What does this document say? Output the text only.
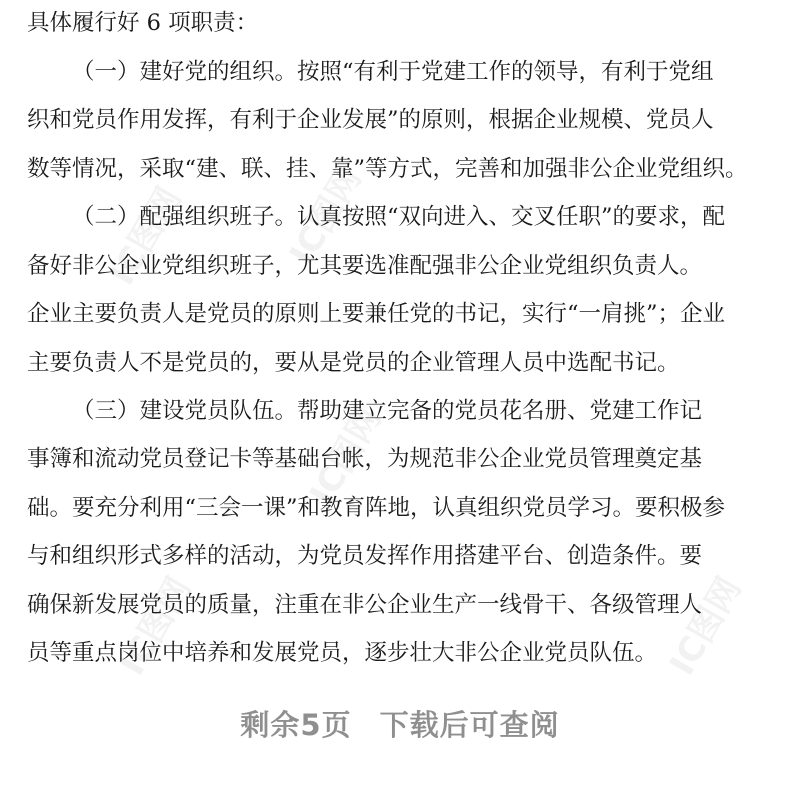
IC图网	IC图网
IC图网
IC图网	IC图网
具体履行好 6 项职责：
（一）建好党的组织。按照“有利于党建工作的领导，有利于党组
织和党员作用发挥，有利于企业发展”的原则，根据企业规模、党员人
数等情况，采取“建、联、挂、靠”等方式，完善和加强非公企业党组织。
（二）配强组织班子。认真按照“双向进入、交叉任职”的要求，配
备好非公企业党组织班子，尤其要选准配强非公企业党组织负责人。
企业主要负责人是党员的原则上要兼任党的书记，实行“一肩挑”；企业
主要负责人不是党员的，要从是党员的企业管理人员中选配书记。
（三）建设党员队伍。帮助建立完备的党员花名册、党建工作记
事簿和流动党员登记卡等基础台帐，为规范非公企业党员管理奠定基
础。要充分利用“三会一课”和教育阵地，认真组织党员学习。要积极参
与和组织形式多样的活动，为党员发挥作用搭建平台、创造条件。要
确保新发展党员的质量，注重在非公企业生产一线骨干、各级管理人
员等重点岗位中培养和发展党员，逐步壮大非公企业党员队伍。
剩余5页 下载后可查阅
